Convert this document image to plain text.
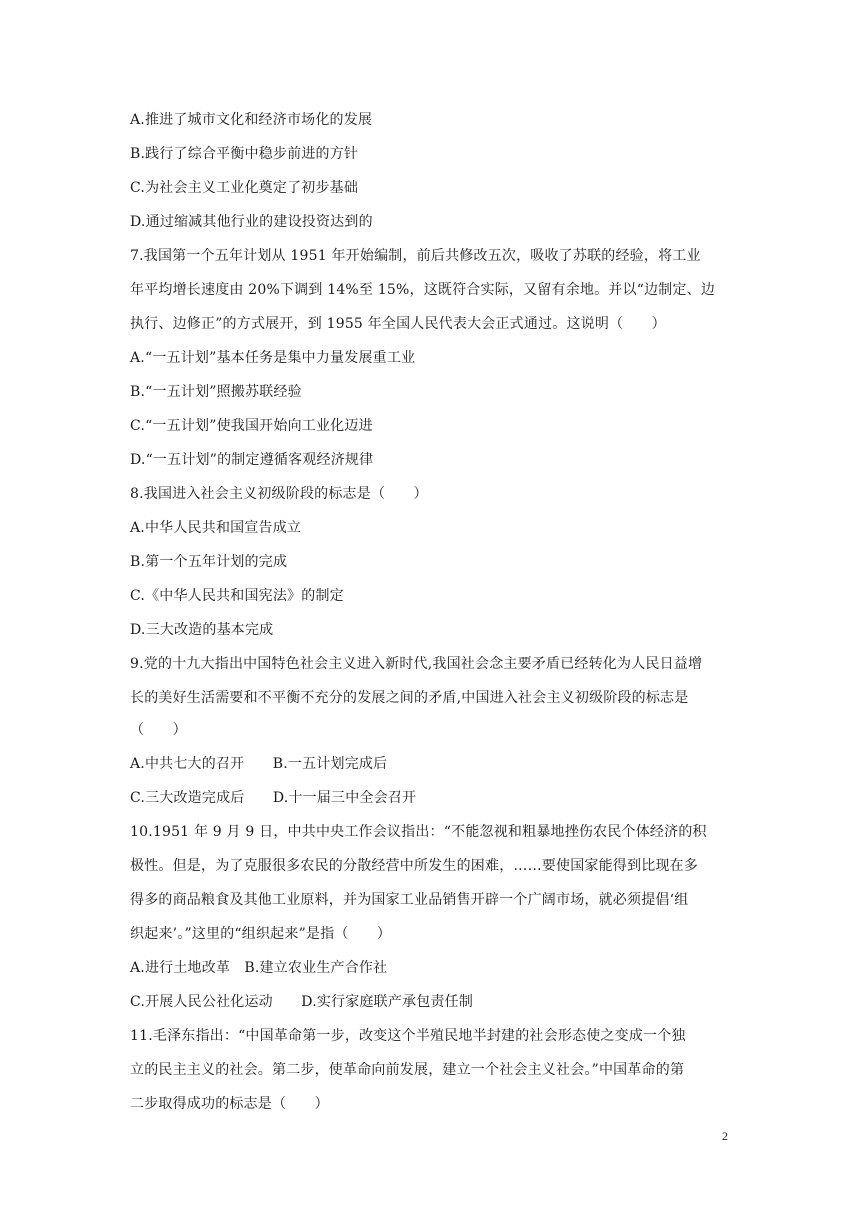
A.推进了城市文化和经济市场化的发展
B.践行了综合平衡中稳步前进的方针
C.为社会主义工业化奠定了初步基础
D.通过缩减其他行业的建设投资达到的
7.我国第一个五年计划从 1951 年开始编制，前后共修改五次，吸收了苏联的经验，将工业
年平均增长速度由 20%下调到 14%至 15%，这既符合实际，又留有余地。并以“边制定、边
执行、边修正”的方式展开，到 1955 年全国人民代表大会正式通过。这说明（　　）
A.“一五计划”基本任务是集中力量发展重工业
B.“一五计划”照搬苏联经验
C.“一五计划”使我国开始向工业化迈进
D.“一五计划”的制定遵循客观经济规律
8.我国进入社会主义初级阶段的标志是（　　）
A.中华人民共和国宣告成立
B.第一个五年计划的完成
C.《中华人民共和国宪法》的制定
D.三大改造的基本完成
9.党的十九大指出中国特色社会主义进入新时代,我国社会念主要矛盾已经转化为人民日益增
长的美好生活需要和不平衡不充分的发展之间的矛盾,中国进入社会主义初级阶段的标志是
（　　）
A.中共七大的召开　　B.一五计划完成后
C.三大改造完成后　　D.十一届三中全会召开
10.1951 年 9 月 9 日，中共中央工作会议指出：“不能忽视和粗暴地挫伤农民个体经济的积
极性。但是，为了克服很多农民的分散经营中所发生的困难，……要使国家能得到比现在多
得多的商品粮食及其他工业原料，并为国家工业品销售开辟一个广阔市场，就必须提倡‘组
织起来’。”这里的“组织起来”是指（　　）
A.进行土地改革　B.建立农业生产合作社
C.开展人民公社化运动　　D.实行家庭联产承包责任制
11.毛泽东指出：“中国革命第一步，改变这个半殖民地半封建的社会形态使之变成一个独
立的民主主义的社会。第二步，使革命向前发展，建立一个社会主义社会。”中国革命的第
二步取得成功的标志是（　　）
2
